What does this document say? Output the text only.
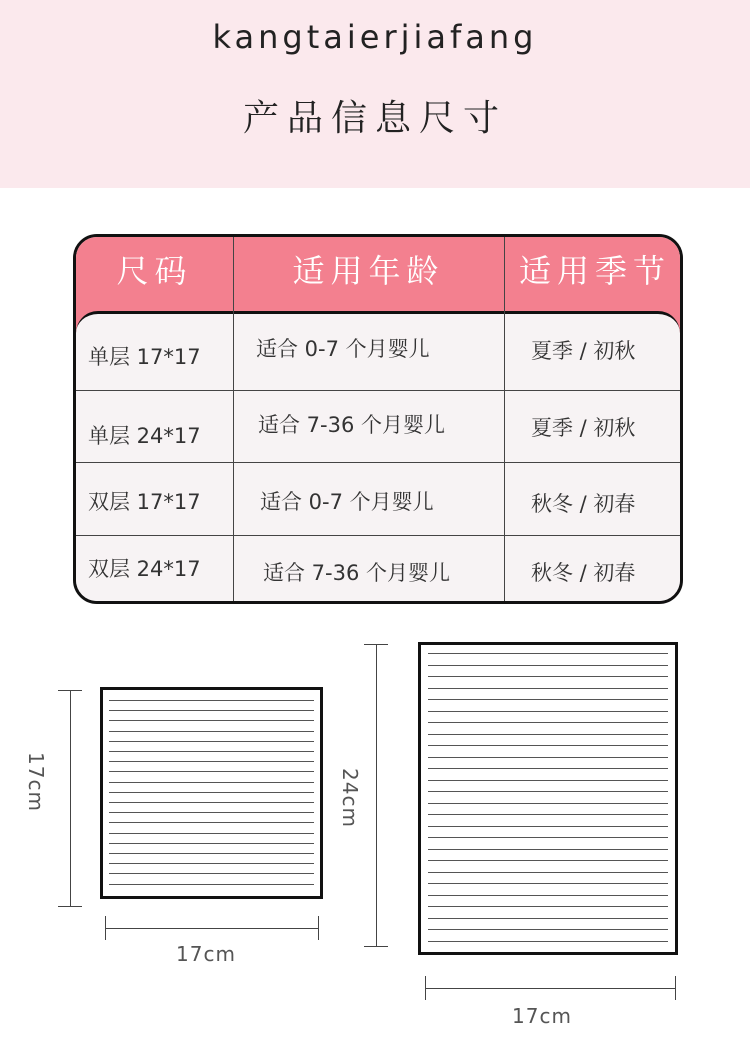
kangtaierjiafang
产品信息尺寸
尺码	适用年龄	适用季节
单层 17*17	适合 0-7 个月婴儿	夏季 / 初秋
单层 24*17	适合 7-36 个月婴儿	夏季 / 初秋
双层 17*17	适合 0-7 个月婴儿	秋冬 / 初春
双层 24*17	适合 7-36 个月婴儿	秋冬 / 初春
17cm
17cm
24cm
17cm
